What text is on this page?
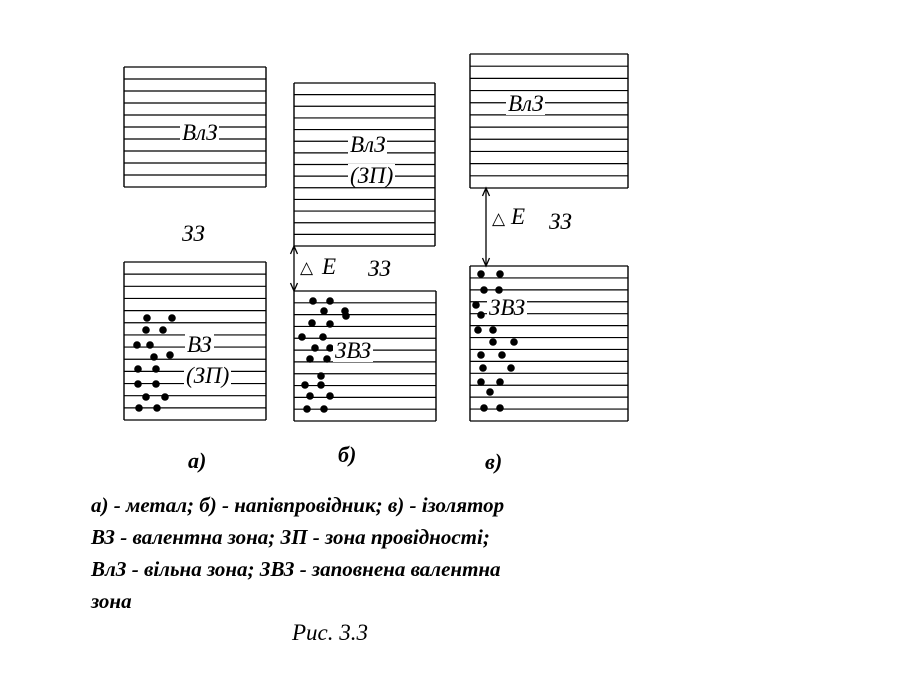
ВлЗ
ЗЗ
ВЗ
(ЗП)
а)
ВлЗ
(ЗП)
△ Е ЗЗ
ЗВЗ
б)
ВлЗ
△ Е ЗЗ
ЗВЗ
в)
а) - метал; б) - напівпровідник; в) - ізолятор
ВЗ - валентна зона; ЗП - зона провідності;
ВлЗ - вільна зона; ЗВЗ - заповнена валентна
зона
Рис. 3.3
